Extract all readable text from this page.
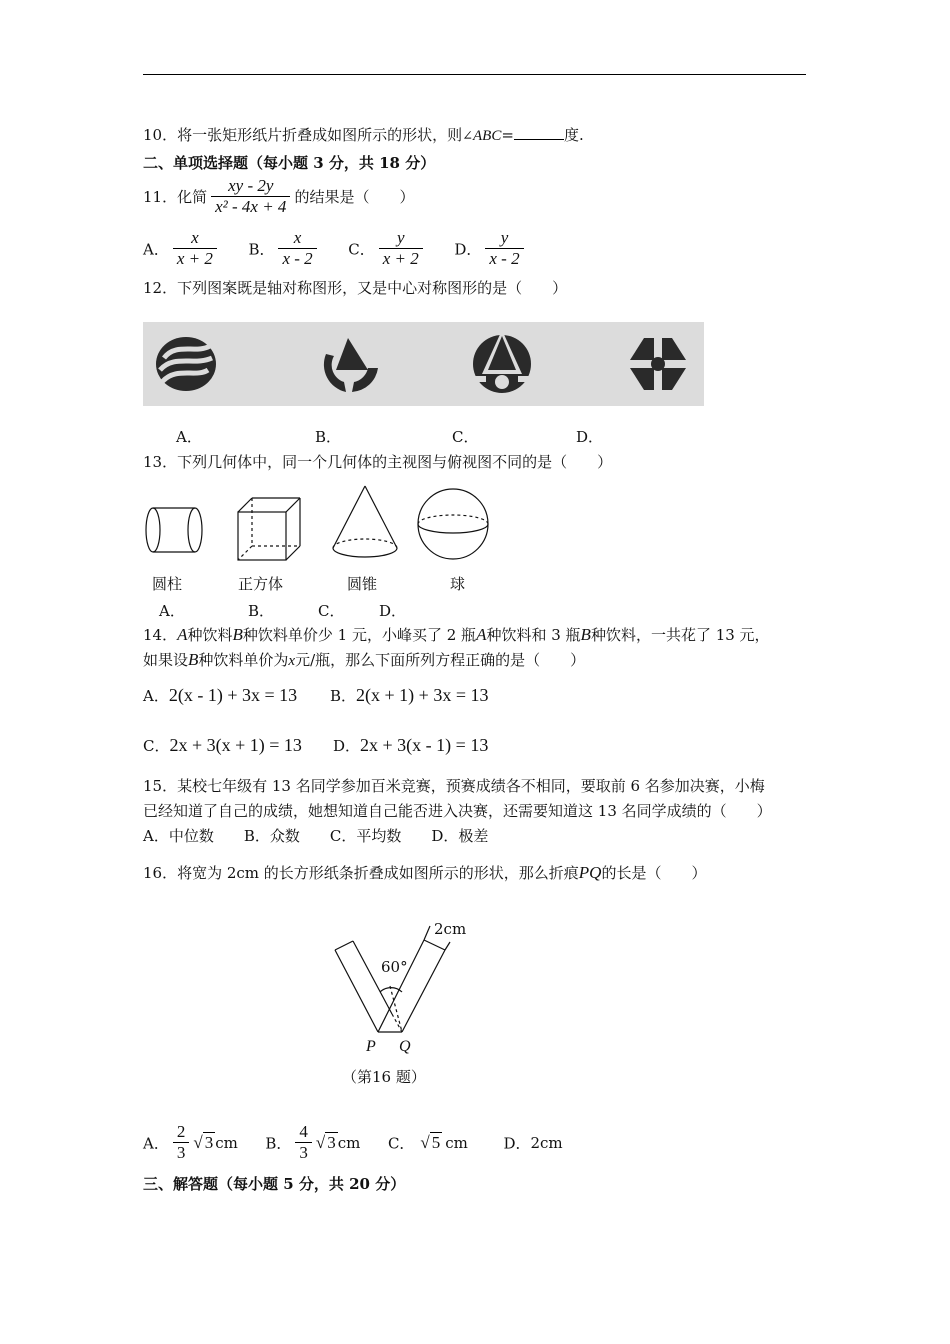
10．将一张矩形纸片折叠成如图所示的形状，则∠ABC=	度.
二、单项选择题（每小题 3 分，共 18 分）
11．化简 $\frac{xy - 2y}{\text{x² - 4x + 4}}$ 的结果是（　　）
A． $\frac{x}{x + 2}$ B． $\frac{x}{x - 2}$ C． $\frac{y}{x + 2}$ D． $\frac{y}{x - 2}$
12．下列图案既是轴对称图形，又是中心对称图形的是（　　）
A．	B．	C．	D．
13．下列几何体中，同一个几何体的主视图与俯视图不同的是（　　）
圆柱	正方体	圆锥	球
A．	B．	C． D．
14．A种饮料B种饮料单价少 1 元，小峰买了 2 瓶A种饮料和 3 瓶B种饮料，一共花了 13 元，
如果设B种饮料单价为x元/瓶，那么下面所列方程正确的是（　　）
A．2(x - 1) + 3x = 13 B．2(x + 1) + 3x = 13
C．2x + 3(x + 1) = 13 D．2x + 3(x - 1) = 13
15．某校七年级有 13 名同学参加百米竞赛，预赛成绩各不相同，要取前 6 名参加决赛，小梅
已经知道了自己的成绩，她想知道自己能否进入决赛，还需要知道这 13 名同学成绩的（　　）
A．中位数　　B．众数　　C．平均数　　D．极差
16．将宽为 2cm 的长方形纸条折叠成如图所示的形状，那么折痕PQ的长是（　　）
2cm
60°
P Q
（第16 题）
A． $\frac{2}{3}$ √ 3 cm B． $\frac{4}{3}$ √ 3 cm C． √ 5 cm D．2cm
三、解答题（每小题 5 分，共 20 分）
